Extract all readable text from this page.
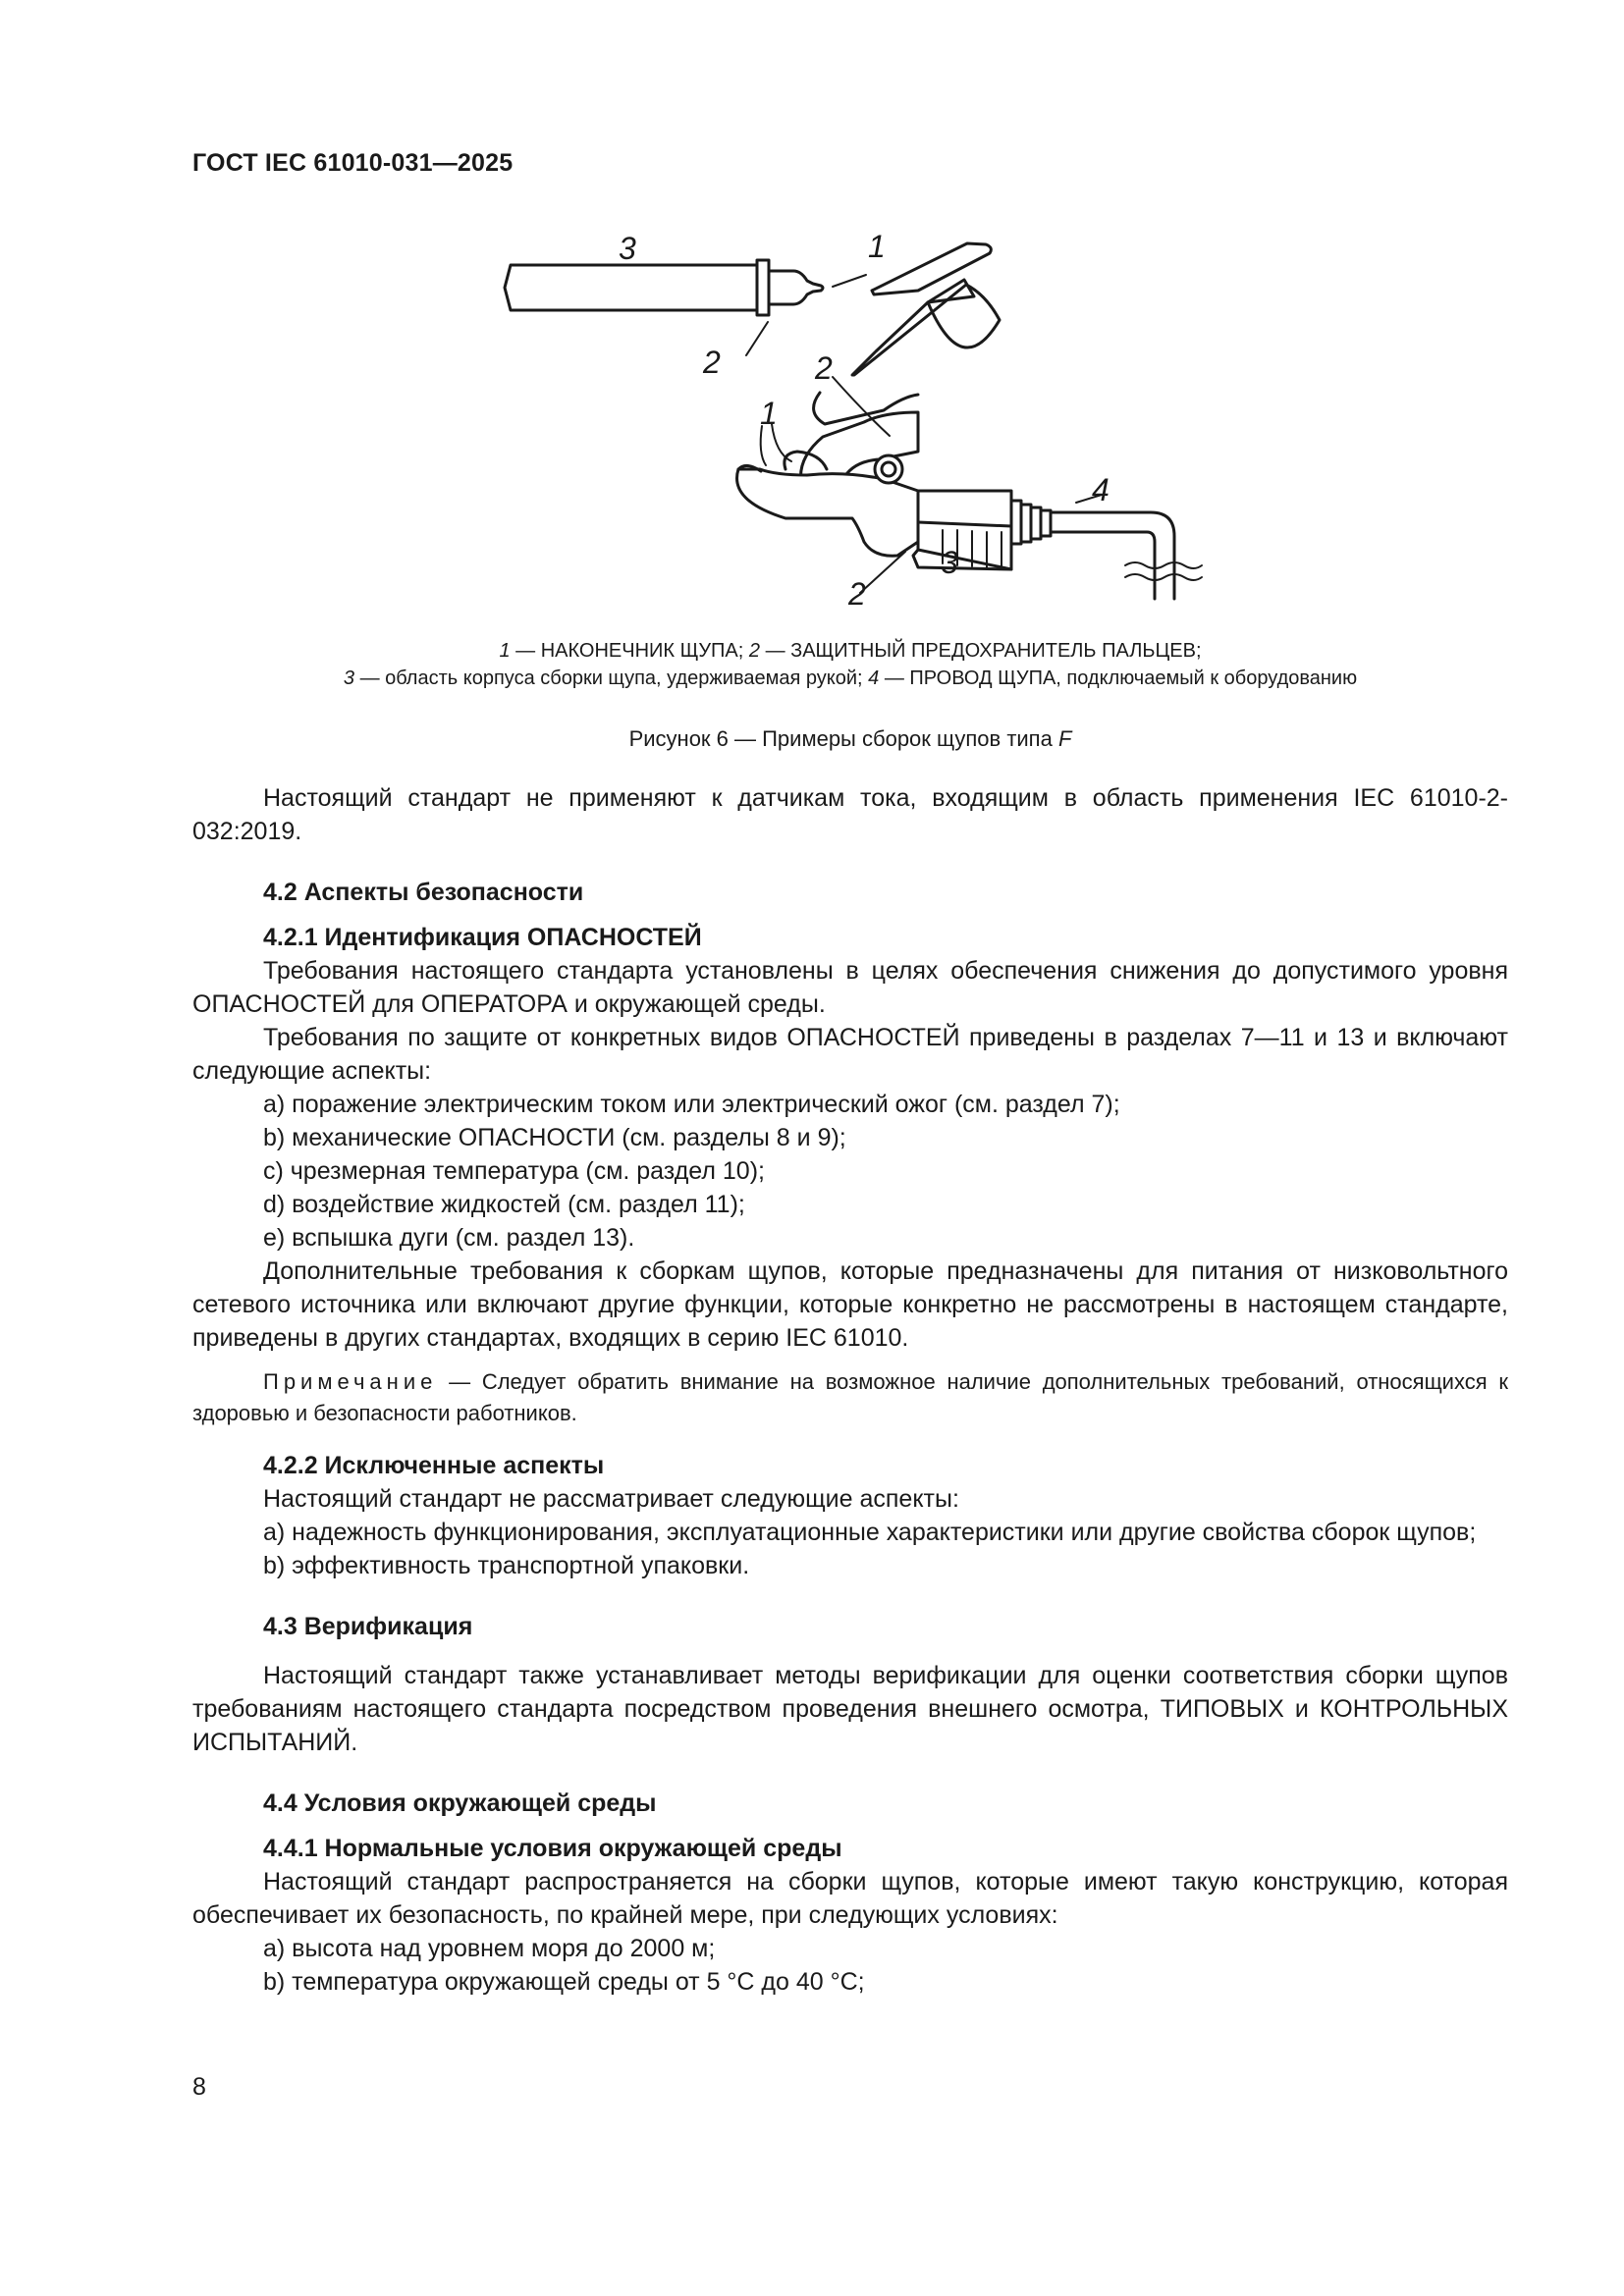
ГОСТ IEC 61010-031—2025
3	1
2	2
1
4
3
2
1 — НАКОНЕЧНИК ЩУПА; 2 — ЗАЩИТНЫЙ ПРЕДОХРАНИТЕЛЬ ПАЛЬЦЕВ;
3 — область корпуса сборки щупа, удерживаемая рукой; 4 — ПРОВОД ЩУПА, подключаемый к оборудованию
Рисунок 6 — Примеры сборок щупов типа F

Настоящий стандарт не применяют к датчикам тока, входящим в область применения IEC 61010-2-032:2019.

4.2 Аспекты безопасности

4.2.1 Идентификация ОПАСНОСТЕЙ

Требования настоящего стандарта установлены в целях обеспечения снижения до допустимого уровня ОПАСНОСТЕЙ для ОПЕРАТОРА и окружающей среды.

Требования по защите от конкретных видов ОПАСНОСТЕЙ приведены в разделах 7—11 и 13 и включают следующие аспекты:

a) поражение электрическим током или электрический ожог (см. раздел 7);

b) механические ОПАСНОСТИ (см. разделы 8 и 9);

c) чрезмерная температура (см. раздел 10);

d) воздействие жидкостей (см. раздел 11);

e) вспышка дуги (см. раздел 13).

Дополнительные требования к сборкам щупов, которые предназначены для питания от низковольтного сетевого источника или включают другие функции, которые конкретно не рассмотрены в настоящем стандарте, приведены в других стандартах, входящих в серию IEC 61010.

Примечание — Следует обратить внимание на возможное наличие дополнительных требований, относящихся к здоровью и безопасности работников.

4.2.2 Исключенные аспекты

Настоящий стандарт не рассматривает следующие аспекты:

a) надежность функционирования, эксплуатационные характеристики или другие свойства сборок щупов;

b) эффективность транспортной упаковки.

4.3 Верификация

Настоящий стандарт также устанавливает методы верификации для оценки соответствия сборки щупов требованиям настоящего стандарта посредством проведения внешнего осмотра, ТИПОВЫХ и КОНТРОЛЬНЫХ ИСПЫТАНИЙ.

4.4 Условия окружающей среды

4.4.1 Нормальные условия окружающей среды

Настоящий стандарт распространяется на сборки щупов, которые имеют такую конструкцию, которая обеспечивает их безопасность, по крайней мере, при следующих условиях:

a) высота над уровнем моря до 2000 м;

b) температура окружающей среды от 5 °C до 40 °C;

8
